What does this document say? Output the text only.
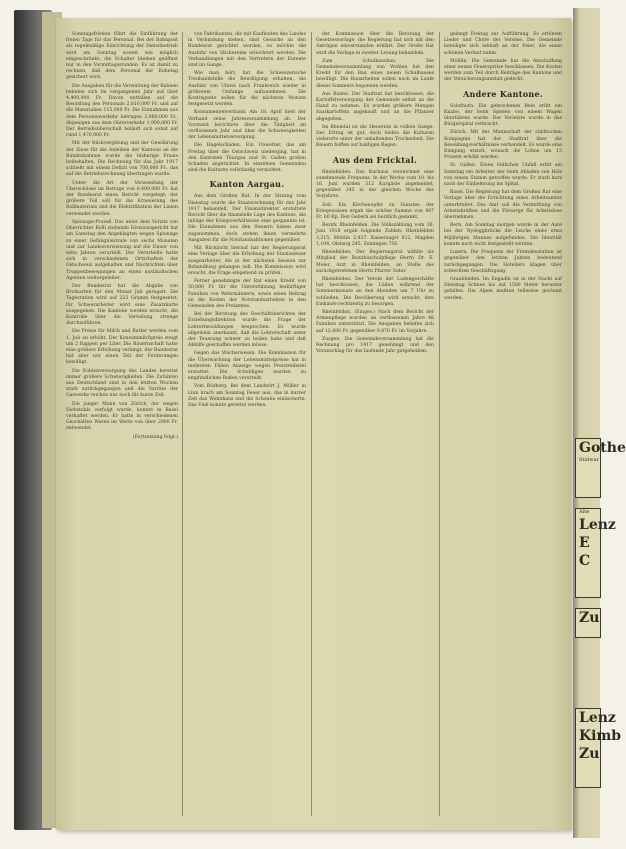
Sonntagsfrieden führt die Einführung der freien Tage für das Personal. Bei der Bahnpost als regelmäßige Einrichtung der Dienstbetrieb wird am Sonntag soweit wie möglich eingeschränkt; die Schalter bleiben geöffnet nur in den Vormittagsstunden. Es ist damit zu rechnen, daß dem Personal der Ruhetag gesichert wird.

Die Ausgaben für die Verwaltung der Bahnen beliefen sich im vergangenen Jahr auf über 4,400,000 Fr. Davon entfallen auf die Besoldung des Personals 2,810,000 Fr. und auf die Materialien 115,000 Fr. Die Einnahmen aus dem Personenverkehr betrugen 3,880,000 Fr., diejenigen aus dem Güterverkehr 1,900,000 Fr. Der Betriebsüberschuß beläuft sich somit auf rund 1,470,000 Fr.

Mit der Rückvergütung und der Gewährung der Zinse für die Anleihen der Kantone an die Bundesbahnen wurde die bisherige Praxis beibehalten. Die Rechnung für das Jahr 1917 schließt mit einem Defizit von 700,000 Fr., das auf die Betriebsrechnung übertragen wurde.

Ueber die Art der Verwendung der Überschüsse im Betrage von 6,400,000 Fr. hat der Bundesrat einen Bericht vorgelegt; der größere Teil soll für die Erneuerung des Rollmaterials und die Elektrifikation der Linien verwendet werden.

Spionage-Prozeß. Das unter dem Vorsitz von Oberrichter Bolli stehende Divisionsgericht hat am Samstag den Angeklagten wegen Spionage zu einer Gefängnisstrafe von sechs Monaten und zur Landesverweisung auf die Dauer von zehn Jahren verurteilt. Der Verurteilte hatte sich in verschiedenen Ortschaften der Ostschweiz aufgehalten und Nachrichten über Truppenbewegungen an einen ausländischen Agenten weitergeleitet.

Der Bundesrat hat die Abgabe von Brotkarten für den Monat Juli geregelt. Die Tagesration wird auf 225 Gramm festgesetzt; für Schwerarbeiter wird eine Zusatzkarte ausgegeben. Die Kantone werden ersucht, die Kontrolle über die Verteilung strenge durchzuführen.

Die Preise für Milch und Butter werden vom 1. Juli an erhöht. Der Konsummilchpreis steigt um 2 Rappen per Liter. Die Bauernschaft hatte eine größere Erhöhung verlangt, der Bundesrat hat aber nur einen Teil der Forderungen bewilligt.

Die Kohlenversorgung des Landes bereitet immer größere Schwierigkeiten. Die Zufuhren aus Deutschland sind in den letzten Wochen stark zurückgegangen und die Vorräte der Gaswerke reichen nur noch für kurze Zeit.

Ein junger Mann von Zürich, der wegen Diebstahls verfolgt wurde, konnte in Basel verhaftet werden. Er hatte in verschiedenen Geschäften Waren im Werte von über 2000 Fr. entwendet.

(Fortsetzung folgt.)

von Fabrikanten, die mit Kaufleuten des Landes in Verbindung stehen, sind Gesuche an den Bundesrat gerichtet worden, es möchte die Ausfuhr von Stickereien erleichtert werden. Die Verhandlungen mit den Vertretern der Entente sind im Gange.

Wie man hört, hat die Schweizerische Treuhandstelle die Bewilligung erhalten, die Ausfuhr von Uhren nach Frankreich wieder in größerem Umfange aufzunehmen. Die Kontingente sollen für die nächsten Monate festgesetzt werden.

Konsumentenverband. Am 18. April hielt der Verband seine Jahresversammlung ab. Der Vorstand berichtete über die Tätigkeit im verflossenen Jahr und über die Schwierigkeiten der Lebensmittelversorgung.

Die Hagelschäden. Ein Unwetter, das am Freitag über die Ostschweiz niederging, hat in den Kantonen Thurgau und St. Gallen großen Schaden angerichtet. In einzelnen Gemeinden sind die Kulturen vollständig vernichtet.

Kanton Aargau.

Aus dem Großen Rat. In der Sitzung vom Dienstag wurde die Staatsrechnung für das Jahr 1917 behandelt. Der Finanzdirektor erstattete Bericht über die finanzielle Lage des Kantons, die infolge der Kriegsverhältnisse eine gespannte ist. Die Einnahmen aus den Steuern haben zwar zugenommen, doch stehen ihnen vermehrte Ausgaben für die Notstandsaktionen gegenüber.

Mit Rücksicht hierauf hat der Regierungsrat eine Vorlage über die Erhöhung der Staatssteuer ausgearbeitet, die in der nächsten Session zur Behandlung gelangen soll. Die Kommission wird ersucht, die Frage eingehend zu prüfen.

Ferner genehmigte der Rat einen Kredit von 50,000 Fr. für die Unterstützung bedürftiger Familien von Wehrmännern, sowie einen Beitrag an die Kosten der Notstandsarbeiten in den Gemeinden des Freiamtes.

Bei der Beratung des Geschäftsberichtes der Erziehungsdirektion wurde die Frage der Lehrerbesoldungen besprochen. Es wurde allgemein anerkannt, daß die Lehrerschaft unter der Teuerung schwer zu leiden habe und daß Abhilfe geschaffen werden müsse.

Gegen das Wucherwesen. Die Kommission für die Überwachung der Lebensmittelpreise hat in mehreren Fällen Anzeige wegen Preistreiberei erstattet. Die Schuldigen wurden zu empfindlichen Bußen verurteilt.

Vom Bözberg. Bei dem Landwirt J. Müller in Linn brach am Sonntag Feuer aus, das in kurzer Zeit das Wohnhaus und die Scheune einäscherte. Das Vieh konnte gerettet werden.

der Kommission über die Beratung der Gesetzesvorlage; die Regierung hat sich mit den Anträgen einverstanden erklärt. Der Große Rat wird die Vorlage in zweiter Lesung behandeln.

Zum Schulhausbau. Die Gemeindeversammlung von Wohlen hat den Kredit für den Bau eines neuen Schulhauses bewilligt. Die Bauarbeiten sollen noch im Laufe dieses Sommers begonnen werden.

Aus Baden. Der Stadtrat hat beschlossen, die Kartoffelversorgung der Gemeinde selbst an die Hand zu nehmen. Es wurden größere Mengen Saatkartoffeln angekauft und an die Pflanzer abgegeben.

Im Rheintal ist die Heuernte in vollem Gange. Der Ertrag ist gut, doch leiden die Kulturen vielerorts unter der anhaltenden Trockenheit. Die Bauern hoffen auf baldigen Regen.

Aus dem Fricktal.

Rheinfelden. Das Kurhaus verzeichnet eine zunehmende Frequenz. In der Woche vom 10. bis 16. Juni wurden 312 Kurgäste angemeldet, gegenüber 245 in der gleichen Woche des Vorjahres.

Zeil. Ein Kirchenopfer zu Gunsten der Kriegswaisen ergab die schöne Summe von 487 Fr. 60 Rp. Den Gebern sei herzlich gedankt.

Bezirk Rheinfelden. Die Volkszählung vom 30. Juni 1918 ergab folgende Zahlen: Rheinfelden 3,215, Möhlin 2,437, Kaiseraugst 812, Magden 1,104, Olsberg 245, Zeiningen 756.

Rheinfelden. Der Regierungsrat wählte als Mitglied der Bezirksschulpflege Herrn Dr. E. Meier, Arzt in Rheinfelden, an Stelle des zurückgetretenen Herrn Pfarrer Suter.

Rheinfelden. Der Verein der Ladengeschäfte hat beschlossen, die Läden während der Sommermonate an den Abenden um 7 Uhr zu schließen. Die Bevölkerung wird ersucht, ihre Einkäufe rechtzeitig zu besorgen.

Rheinfelden. (Einges.) Nach dem Bericht der Armenpflege wurden im verflossenen Jahre 48 Familien unterstützt. Die Ausgaben beliefen sich auf 12,480 Fr. gegenüber 9,870 Fr. im Vorjahre.

Zuzgen. Die Gemeindeversammlung hat die Rechnung pro 1917 genehmigt und den Voranschlag für das laufende Jahr gutgeheißen.

gelangt Freitag zur Aufführung. Es ertönten Lieder und Chöre der Vereine. Die Gemeinde beteiligte sich lebhaft an der Feier, die einen schönen Verlauf nahm.

Möhlin. Die Gemeinde hat die Anschaffung einer neuen Feuerspritze beschlossen. Die Kosten werden zum Teil durch Beiträge des Kantons und der Versicherungsanstalt gedeckt.

Andere Kantone.

Solothurn. Ein gebrochenes Bein erlitt ein Knabe, der beim Spielen von einem Wagen überfahren wurde. Der Verletzte wurde in das Bürgerspital verbracht.

Zürich. Mit der Mannschaft der städtischen Kompagnie hat der Stadtrat über die Besoldungsverhältnisse verhandelt. Es wurde eine Einigung erzielt, wonach die Löhne um 15 Prozent erhöht werden.

St. Gallen. Einen tödlichen Unfall erlitt am Samstag ein Arbeiter, der beim Abladen von Holz von einem Stamm getroffen wurde. Er starb kurz nach der Einlieferung ins Spital.

Basel. Die Regierung hat dem Großen Rat eine Vorlage über die Errichtung eines Arbeitsamtes unterbreitet. Das Amt soll die Vermittlung von Arbeitskräften und die Fürsorge für Arbeitslose übernehmen.

Bern. Am Sonntag morgen wurde in der Aare bei der Nydeggbrücke die Leiche eines etwa 40jährigen Mannes aufgefunden. Die Identität konnte noch nicht festgestellt werden.

Luzern. Die Frequenz der Fremdenstation ist gegenüber den letzten Jahren bedeutend zurückgegangen. Die Hoteliers klagen über schlechten Geschäftsgang.

Graubünden. Im Engadin ist in der Nacht auf Dienstag Schnee bis auf 1500 Meter herunter gefallen. Die Alpen mußten teilweise geräumt werden.

Gothe
Stidwar
Alte
Lenz
E
C
Zu
Lenz
Kimb
Zu
